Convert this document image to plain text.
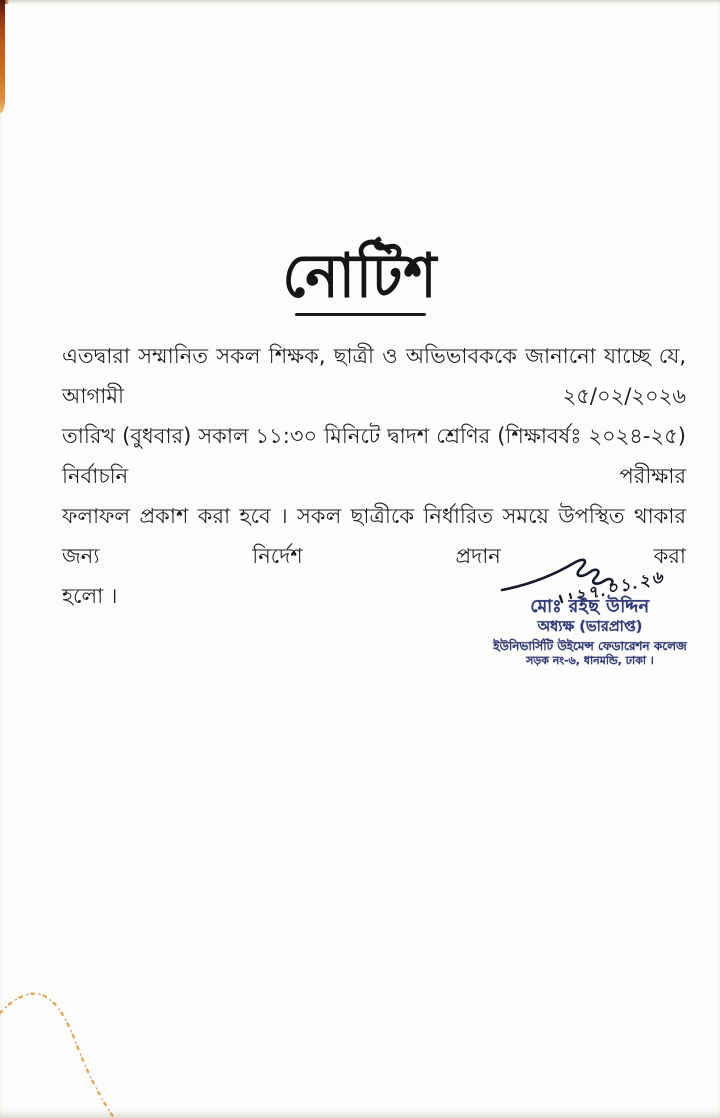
নোটিশ
এতদ্বারা সম্মানিত সকল শিক্ষক, ছাত্রী ও অভিভাবককে জানানো যাচ্ছে যে, আগামী ২৫/০২/২০২৬
তারিখ (বুধবার) সকাল ১১:৩০ মিনিটে দ্বাদশ শ্রেণির (শিক্ষাবর্ষঃ ২০২৪-২৫) নির্বাচনি পরীক্ষার
ফলাফল প্রকাশ করা হবে । সকল ছাত্রীকে নির্ধারিত সময়ে উপস্থিত থাকার জন্য নির্দেশ প্রদান করা
হলো ।	২৭.০১.২৬
মোঃ রইছ উদ্দিন
অধ্যক্ষ (ভারপ্রাপ্ত)
ইউনিভার্সিটি উইমেন্স ফেডারেশন কলেজ
সড়ক নং-৬, ধানমন্ডি, ঢাকা ।
